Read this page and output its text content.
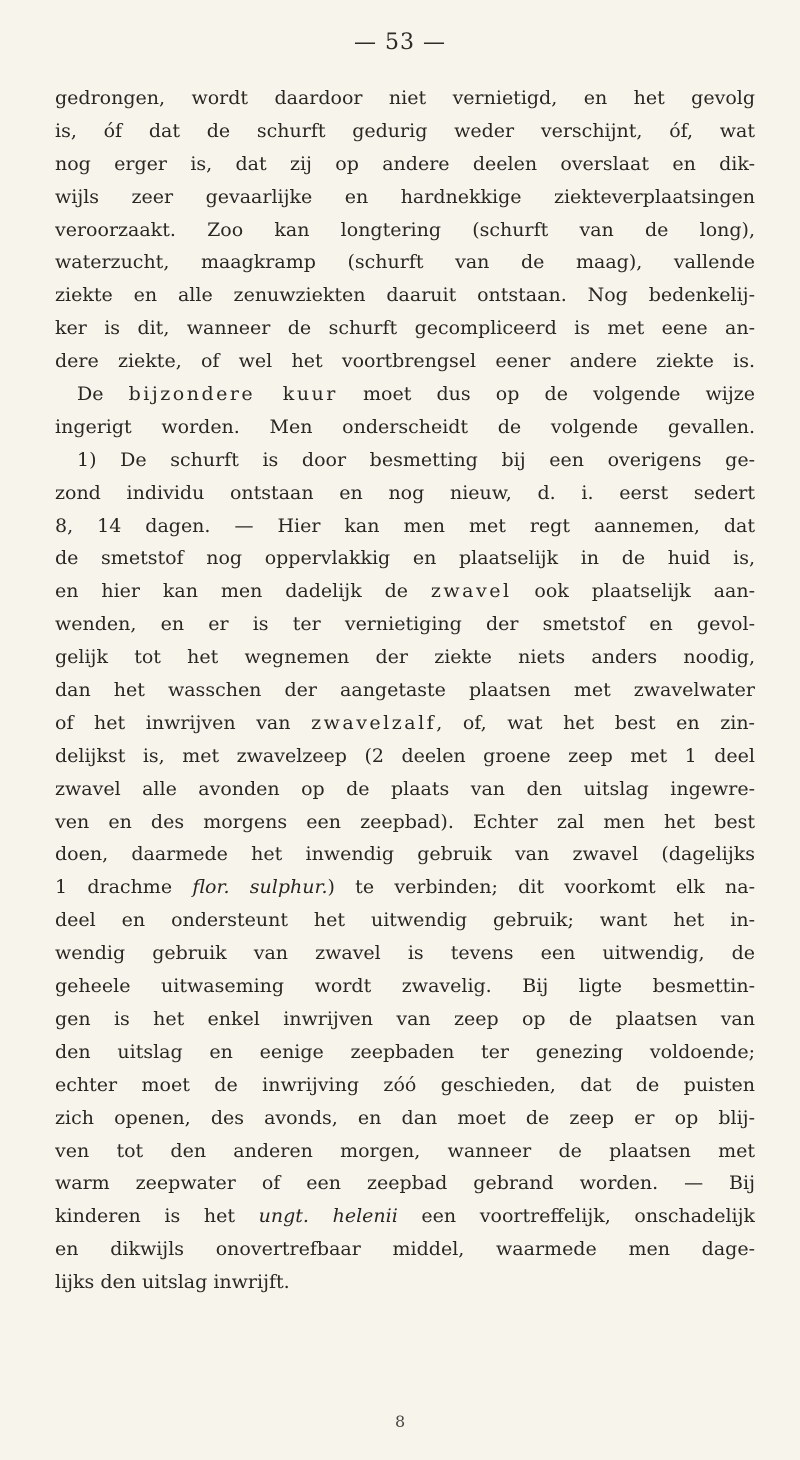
— 53 —
gedrongen, wordt daardoor niet vernietigd, en het gevolg
is, óf dat de schurft gedurig weder verschijnt, óf, wat
nog erger is, dat zij op andere deelen overslaat en dik-
wijls zeer gevaarlijke en hardnekkige ziekteverplaatsingen
veroorzaakt. Zoo kan longtering (schurft van de long),
waterzucht, maagkramp (schurft van de maag), vallende
ziekte en alle zenuwziekten daaruit ontstaan. Nog bedenkelij-
ker is dit, wanneer de schurft gecompliceerd is met eene an-
dere ziekte, of wel het voortbrengsel eener andere ziekte is.
De bijzondere kuur moet dus op de volgende wijze
ingerigt worden. Men onderscheidt de volgende gevallen.
1) De schurft is door besmetting bij een overigens ge-
zond individu ontstaan en nog nieuw, d. i. eerst sedert
8, 14 dagen. — Hier kan men met regt aannemen, dat
de smetstof nog oppervlakkig en plaatselijk in de huid is,
en hier kan men dadelijk de zwavel ook plaatselijk aan-
wenden, en er is ter vernietiging der smetstof en gevol-
gelijk tot het wegnemen der ziekte niets anders noodig,
dan het wasschen der aangetaste plaatsen met zwavelwater
of het inwrijven van zwavelzalf, of, wat het best en zin-
delijkst is, met zwavelzeep (2 deelen groene zeep met 1 deel
zwavel alle avonden op de plaats van den uitslag ingewre-
ven en des morgens een zeepbad). Echter zal men het best
doen, daarmede het inwendig gebruik van zwavel (dagelijks
1 drachme flor. sulphur.) te verbinden; dit voorkomt elk na-
deel en ondersteunt het uitwendig gebruik; want het in-
wendig gebruik van zwavel is tevens een uitwendig, de
geheele uitwaseming wordt zwavelig. Bij ligte besmettin-
gen is het enkel inwrijven van zeep op de plaatsen van
den uitslag en eenige zeepbaden ter genezing voldoende;
echter moet de inwrijving zóó geschieden, dat de puisten
zich openen, des avonds, en dan moet de zeep er op blij-
ven tot den anderen morgen, wanneer de plaatsen met
warm zeepwater of een zeepbad gebrand worden. — Bij
kinderen is het ungt. helenii een voortreffelijk, onschadelijk
en dikwijls onovertrefbaar middel, waarmede men dage-
lijks den uitslag inwrijft.
8
